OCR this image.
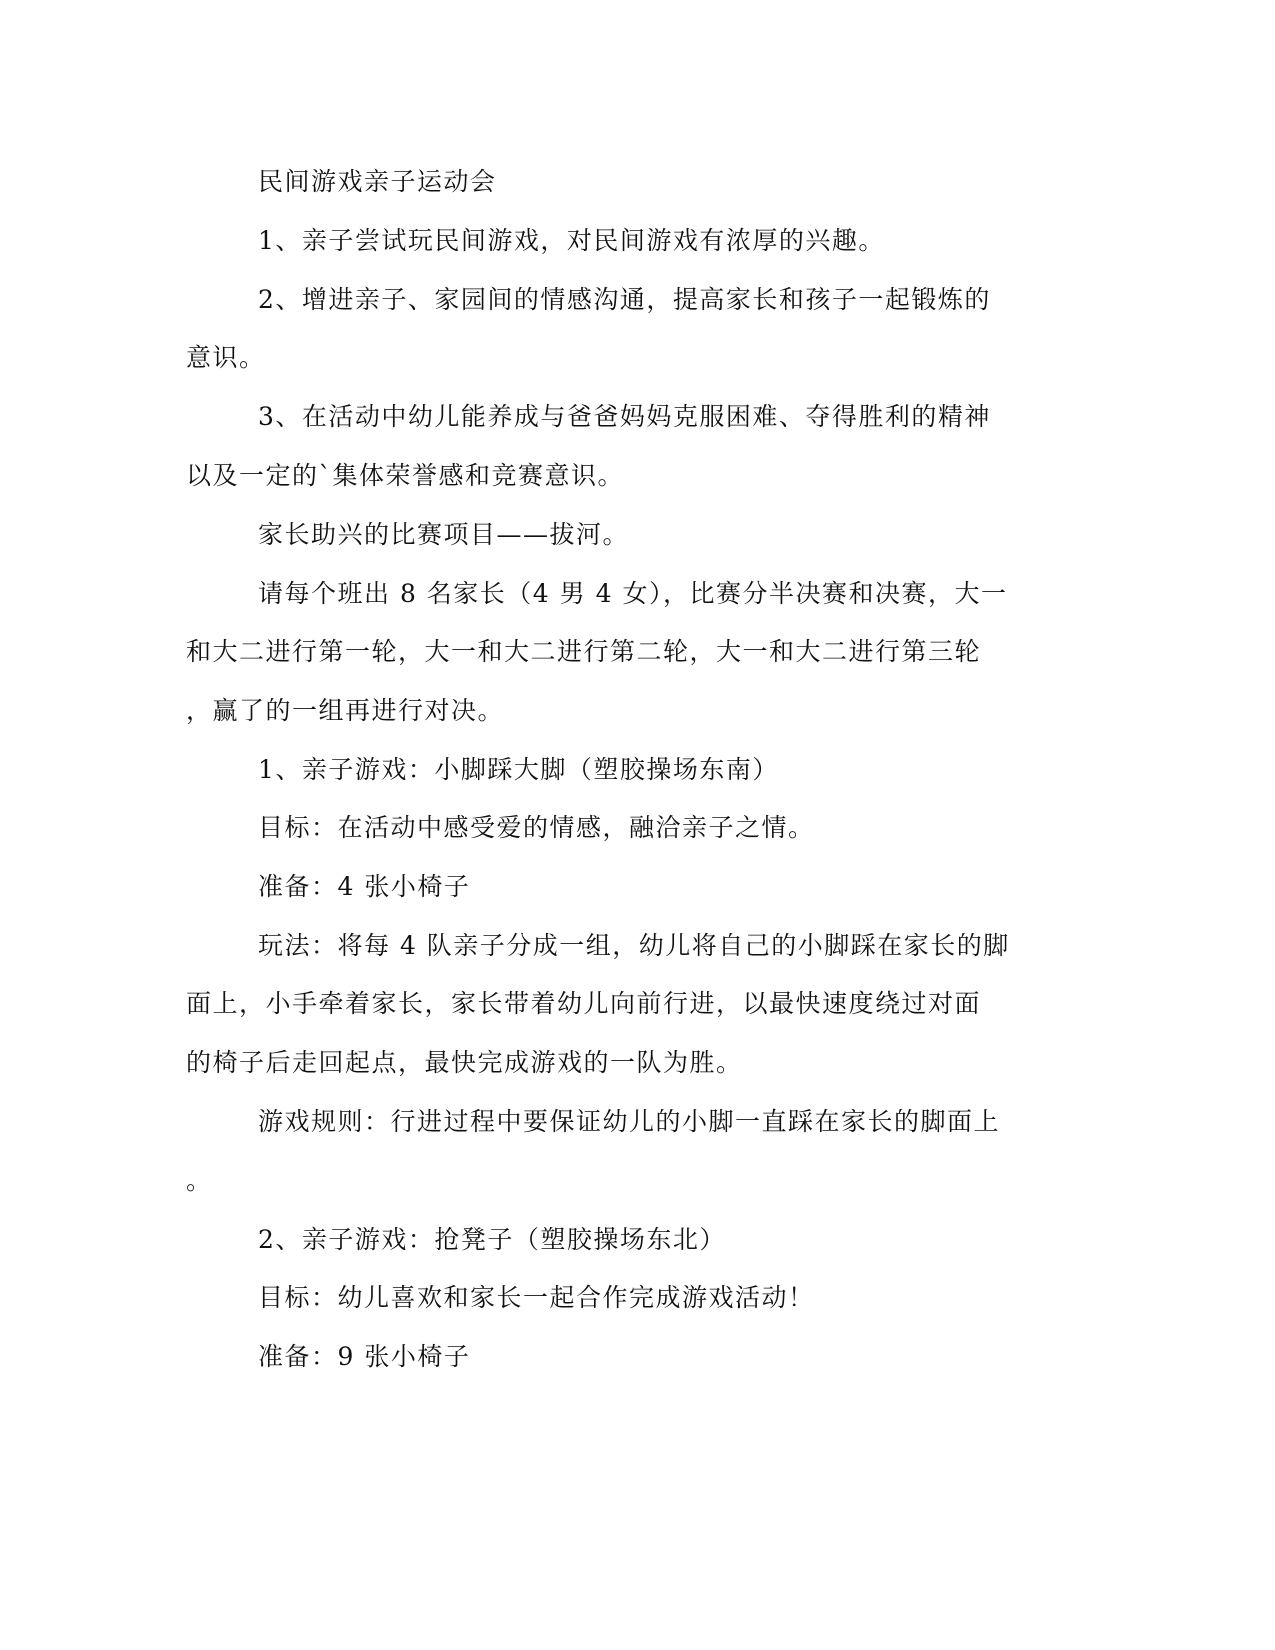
民间游戏亲子运动会

1、亲子尝试玩民间游戏，对民间游戏有浓厚的兴趣。

2、增进亲子、家园间的情感沟通，提高家长和孩子一起锻炼的

意识。

3、在活动中幼儿能养成与爸爸妈妈克服困难、夺得胜利的精神

以及一定的`集体荣誉感和竞赛意识。

家长助兴的比赛项目——拔河。

请每个班出 8 名家长（4 男 4 女），比赛分半决赛和决赛，大一

和大二进行第一轮，大一和大二进行第二轮，大一和大二进行第三轮

，赢了的一组再进行对决。

1、亲子游戏：小脚踩大脚（塑胶操场东南）

目标：在活动中感受爱的情感，融洽亲子之情。

准备：4 张小椅子

玩法：将每 4 队亲子分成一组，幼儿将自己的小脚踩在家长的脚

面上，小手牵着家长，家长带着幼儿向前行进，以最快速度绕过对面

的椅子后走回起点，最快完成游戏的一队为胜。

游戏规则：行进过程中要保证幼儿的小脚一直踩在家长的脚面上

。

2、亲子游戏：抢凳子（塑胶操场东北）

目标：幼儿喜欢和家长一起合作完成游戏活动！

准备：9 张小椅子
